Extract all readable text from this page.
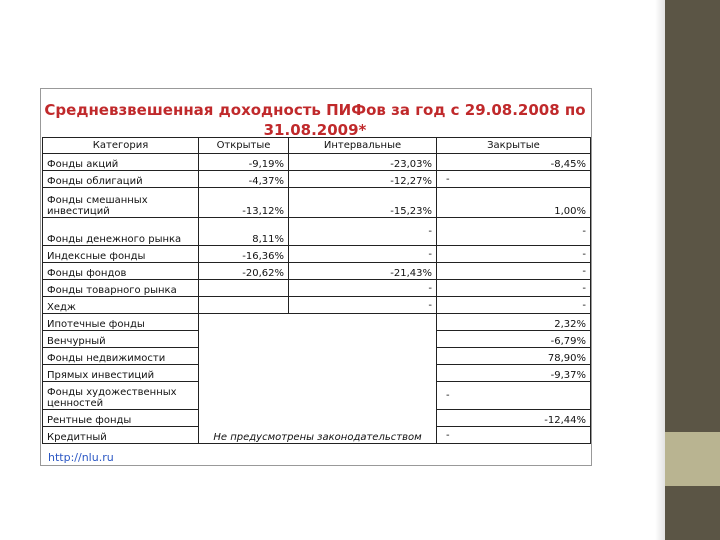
Средневзвешенная доходность ПИФов за год с 29.08.2008 по 31.08.2009*
Категория	Открытые	Интервальные	Закрытые
Фонды акций	-9,19%	-23,03%	-8,45%
Фонды облигаций	-4,37%	-12,27%	-
Фонды смешанных инвестиций	-13,12%	-15,23%	1,00%
Фонды денежного рынка	8,11%	-	-
Индексные фонды	-16,36%	-	-
Фонды фондов	-20,62%	-21,43%	-
Фонды товарного рынка		-	-
Хедж		-	-
Ипотечные фонды	Не предусмотрены законодательством		2,32%
Венчурный			-6,79%
Фонды недвижимости			78,90%
Прямых инвестиций			-9,37%
Фонды художественных ценностей			-
Рентные фонды			-12,44%
Кредитный			-
http://nlu.ru
